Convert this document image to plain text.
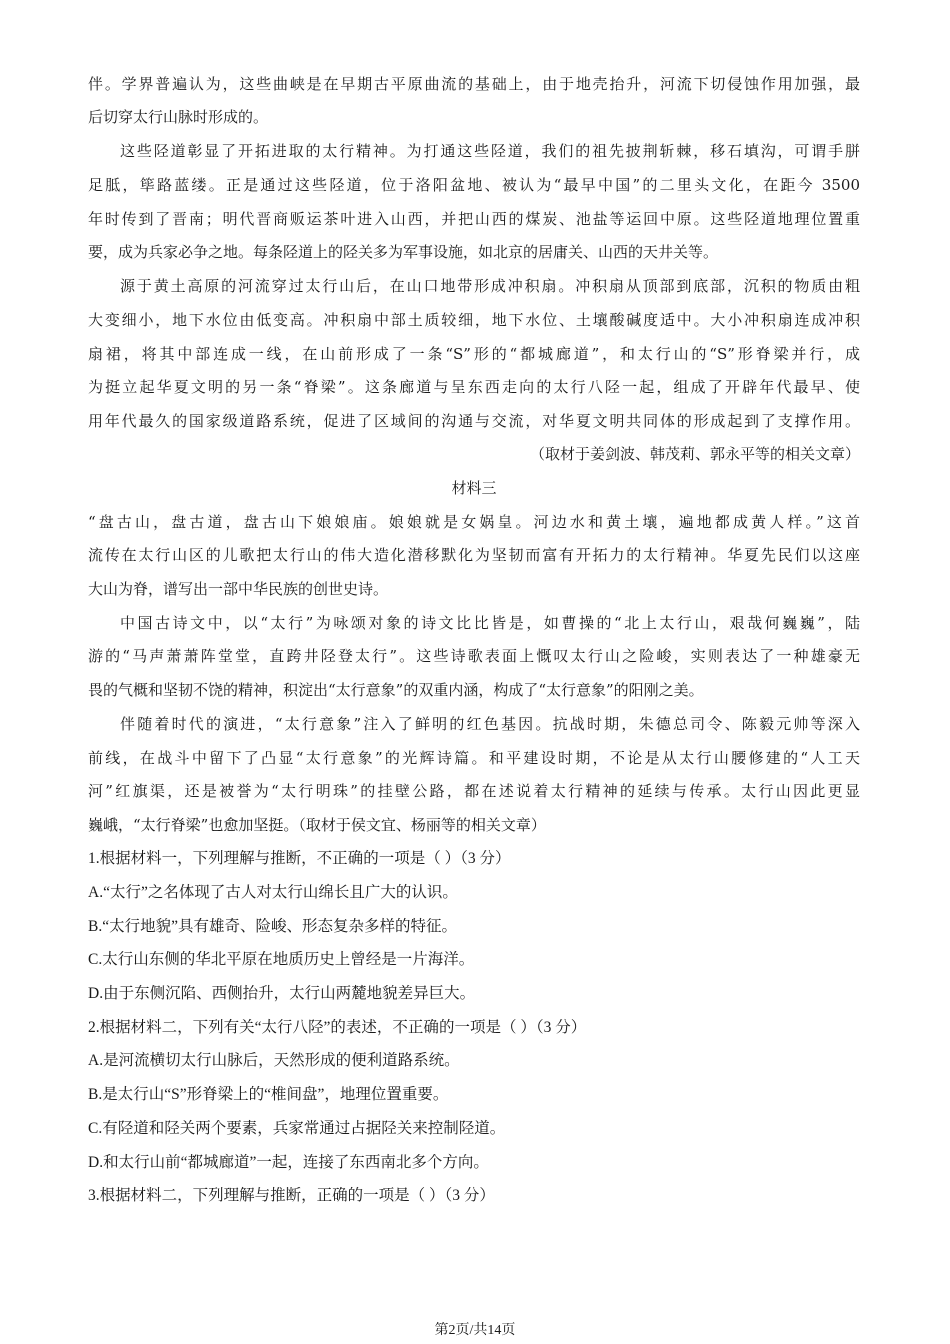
伴。学界普遍认为，这些曲峡是在早期古平原曲流的基础上，由于地壳抬升，河流下切侵蚀作用加强，最
后切穿太行山脉时形成的。
这些陉道彰显了开拓进取的太行精神。为打通这些陉道，我们的祖先披荆斩棘，移石填沟，可谓手胼
足胝，筚路蓝缕。正是通过这些陉道，位于洛阳盆地、被认为“最早中国”的二里头文化，在距今 3500
年时传到了晋南；明代晋商贩运茶叶进入山西，并把山西的煤炭、池盐等运回中原。这些陉道地理位置重
要，成为兵家必争之地。每条陉道上的陉关多为军事设施，如北京的居庸关、山西的天井关等。
源于黄土高原的河流穿过太行山后，在山口地带形成冲积扇。冲积扇从顶部到底部，沉积的物质由粗
大变细小，地下水位由低变高。冲积扇中部土质较细，地下水位、土壤酸碱度适中。大小冲积扇连成冲积
扇裙，将其中部连成一线，在山前形成了一条“S”形的“都城廊道”，和太行山的“S”形脊梁并行，成
为挺立起华夏文明的另一条“脊梁”。这条廊道与呈东西走向的太行八陉一起，组成了开辟年代最早、使
用年代最久的国家级道路系统，促进了区域间的沟通与交流，对华夏文明共同体的形成起到了支撑作用。
（取材于姜剑波、韩茂莉、郭永平等的相关文章）
材料三
“盘古山，盘古道，盘古山下娘娘庙。娘娘就是女娲皇。河边水和黄土壤，遍地都成黄人样。”这首
流传在太行山区的儿歌把太行山的伟大造化潜移默化为坚韧而富有开拓力的太行精神。华夏先民们以这座
大山为脊，谱写出一部中华民族的创世史诗。
中国古诗文中，以“太行”为咏颂对象的诗文比比皆是，如曹操的“北上太行山，艰哉何巍巍”，陆
游的“马声萧萧阵堂堂，直跨井陉登太行”。这些诗歌表面上慨叹太行山之险峻，实则表达了一种雄豪无
畏的气概和坚韧不饶的精神，积淀出“太行意象”的双重内涵，构成了“太行意象”的阳刚之美。
伴随着时代的演进，“太行意象”注入了鲜明的红色基因。抗战时期，朱德总司令、陈毅元帅等深入
前线，在战斗中留下了凸显“太行意象”的光辉诗篇。和平建设时期，不论是从太行山腰修建的“人工天
河”红旗渠，还是被誉为“太行明珠”的挂壁公路，都在述说着太行精神的延续与传承。太行山因此更显
巍峨，“太行脊梁”也愈加坚挺。（取材于侯文宜、杨丽等的相关文章）
1.根据材料一，下列理解与推断，不正确的一项是（ ）（3 分）
A.“太行”之名体现了古人对太行山绵长且广大的认识。
B.“太行地貌”具有雄奇、险峻、形态复杂多样的特征。
C.太行山东侧的华北平原在地质历史上曾经是一片海洋。
D.由于东侧沉陷、西侧抬升，太行山两麓地貌差异巨大。
2.根据材料二，下列有关“太行八陉”的表述，不正确的一项是（ ）（3 分）
A.是河流横切太行山脉后，天然形成的便利道路系统。
B.是太行山“S”形脊梁上的“椎间盘”，地理位置重要。
C.有陉道和陉关两个要素，兵家常通过占据陉关来控制陉道。
D.和太行山前“都城廊道”一起，连接了东西南北多个方向。
3.根据材料二，下列理解与推断，正确的一项是（ ）（3 分）
第2页/共14页
